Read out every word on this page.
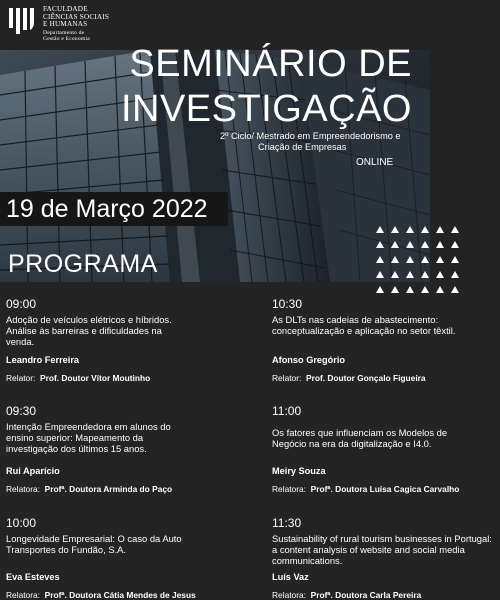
FACULDADE
CIÊNCIAS SOCIAIS
E HUMANAS
Departamento de
Gestão e Economia
SEMINÁRIO DE
INVESTIGAÇÃO
2º Ciclo/ Mestrado em Empreendedorismo e
Criação de Empresas
ONLINE
19 de Março 2022
PROGRAMA
09:00
Adoção de veículos elétricos e híbridos. Análise às barreiras e dificuldades na venda.
Leandro Ferreira
Relator: Prof. Doutor Vítor Moutinho
10:30
As DLTs nas cadeias de abastecimento: conceptualização e aplicação no setor têxtil.
Afonso Gregório
Relator: Prof. Doutor Gonçalo Figueira
09:30
Intenção Empreendedora em alunos do ensino superior: Mapeamento da investigação dos últimos 15 anos.
Rui Aparício
Relatora: Profª. Doutora Arminda do Paço
11:00
Os fatores que influenciam os Modelos de Negócio na era da digitalização e I4.0.
Meiry Souza
Relatora: Profª. Doutora Luísa Cagica Carvalho
10:00
Longevidade Empresarial: O caso da Auto Transportes do Fundão, S.A.
Eva Esteves
Relatora: Profª. Doutora Cátia Mendes de Jesus
11:30
Sustainability of rural tourism businesses in Portugal: a content analysis of website and social media communications.
Luís Vaz
Relatora: Profª. Doutora Carla Pereira
